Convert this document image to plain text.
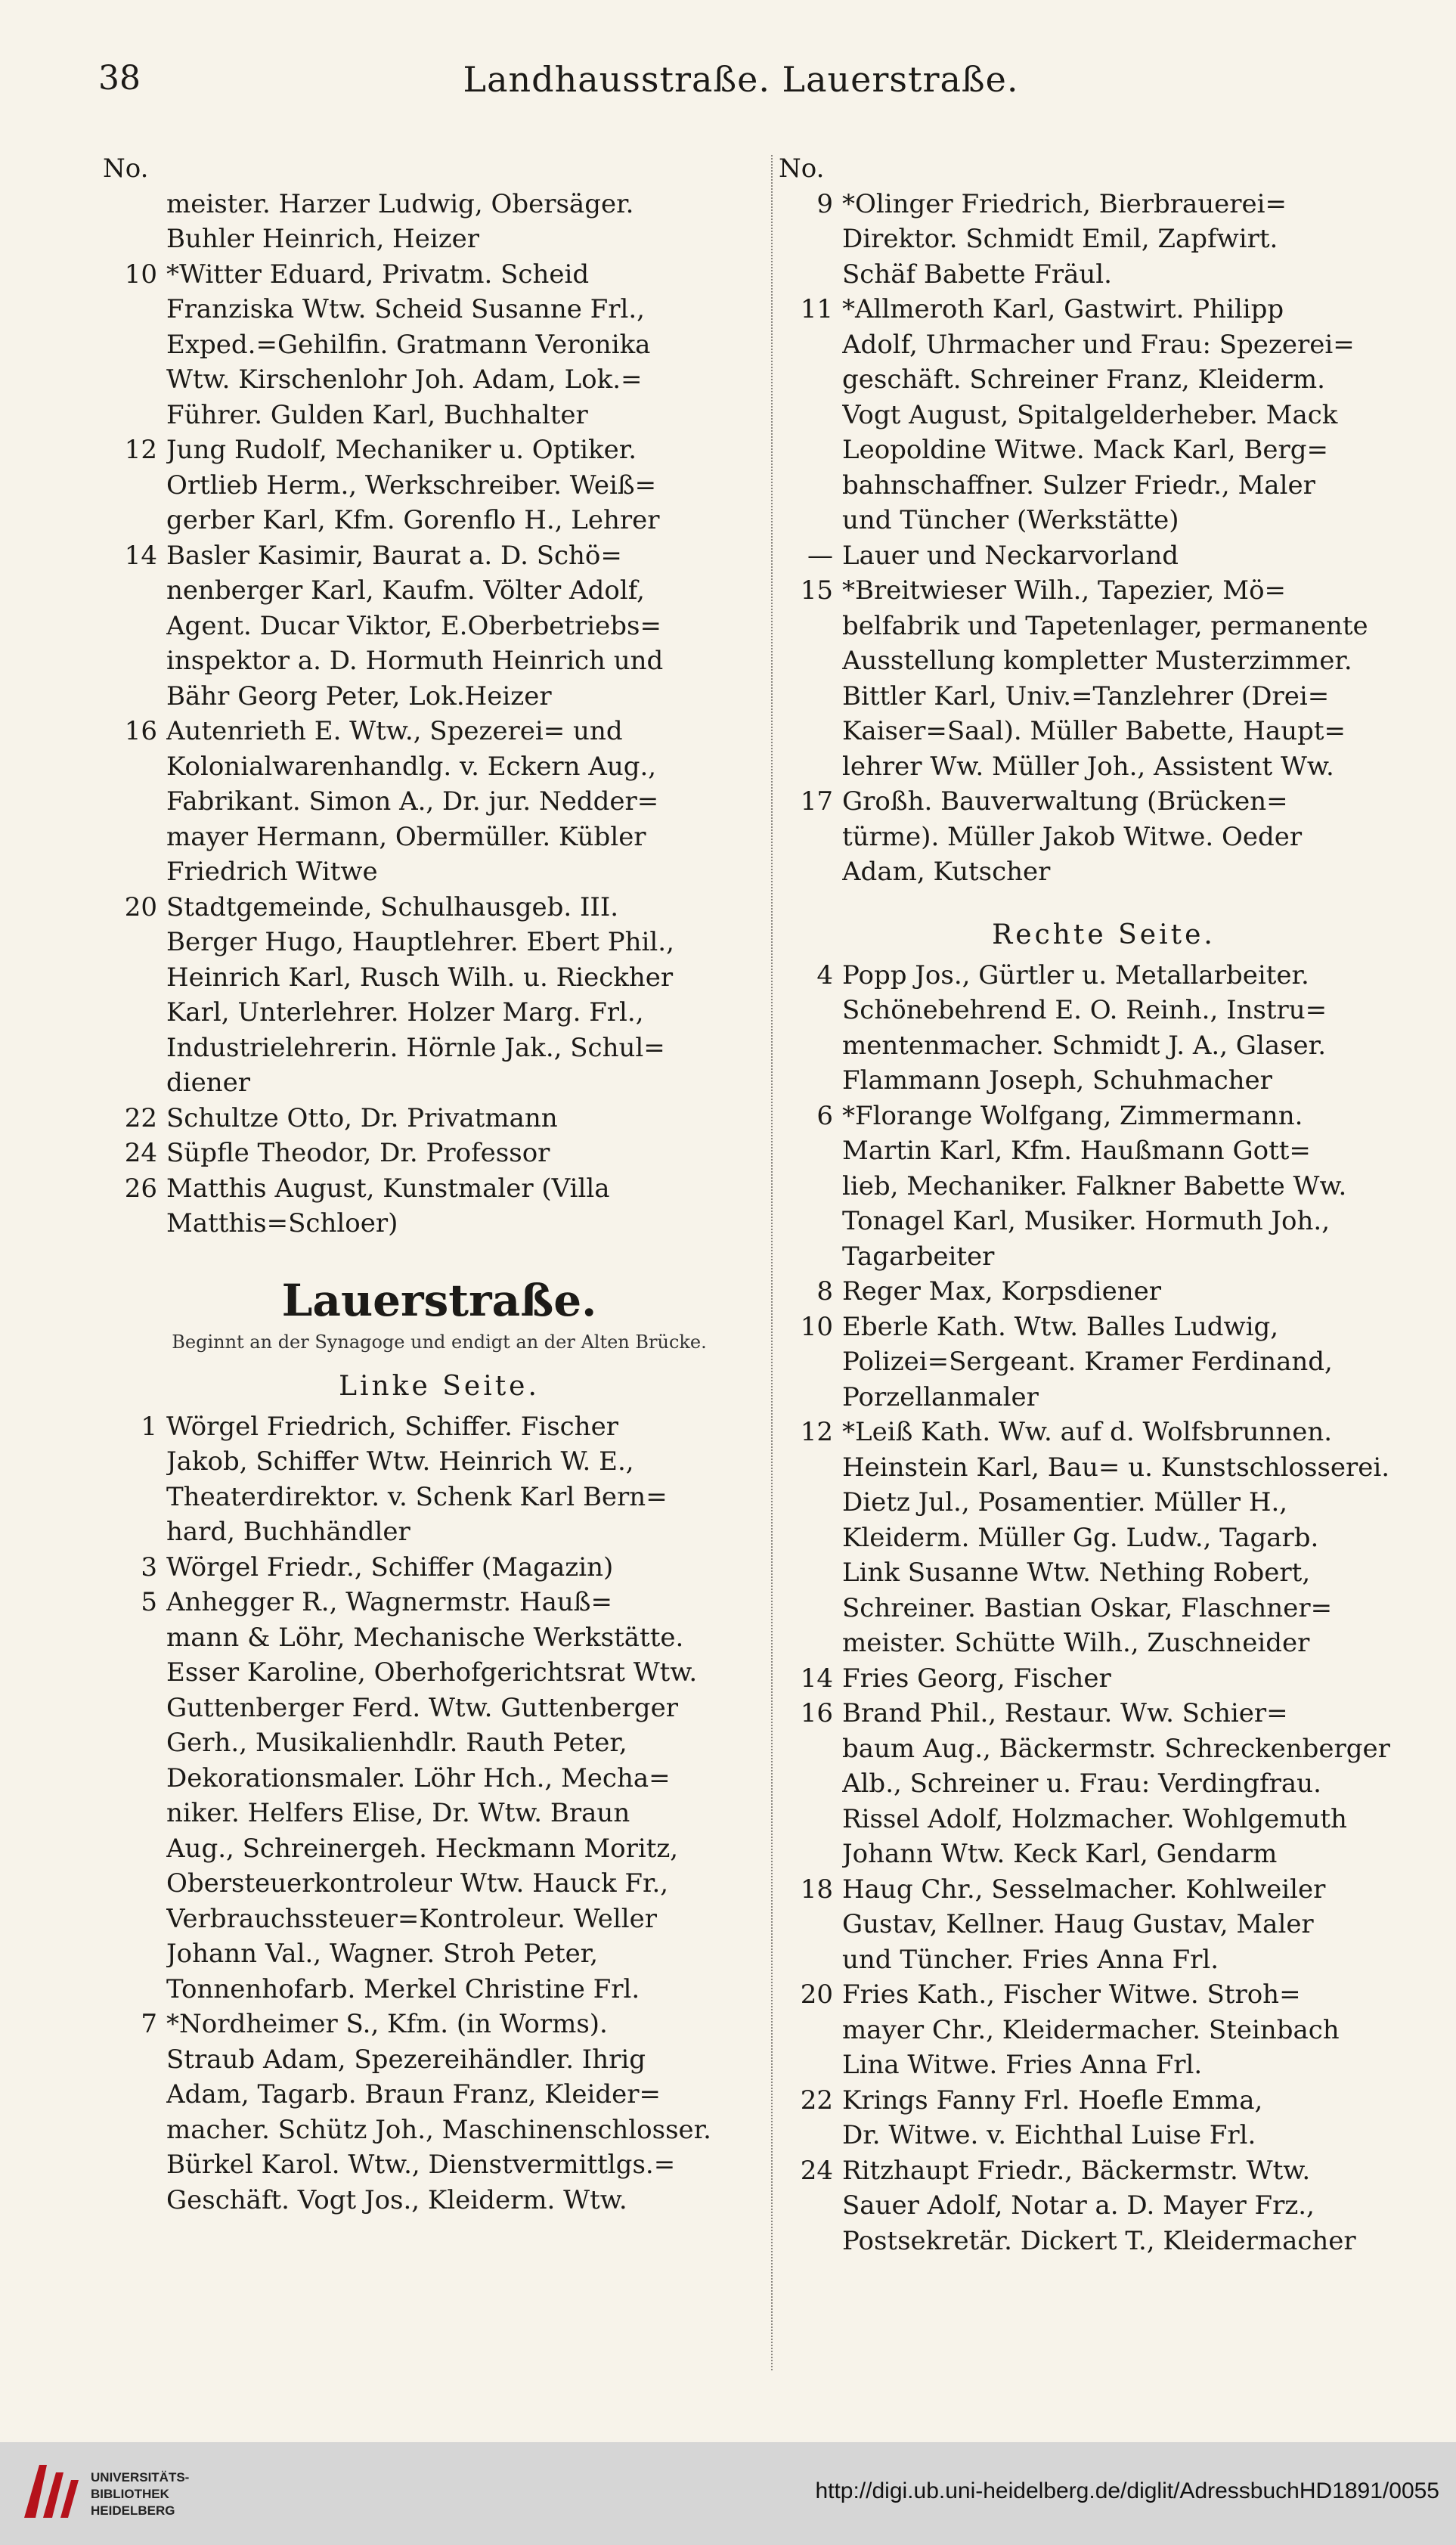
38	Landhausstraße. Lauerstraße.
No.
meister. Harzer Ludwig, Obersäger.
Buhler Heinrich, Heizer
10 *Witter Eduard, Privatm. Scheid
Franziska Wtw. Scheid Susanne Frl.,
Exped.=Gehilfin. Gratmann Veronika
Wtw. Kirschenlohr Joh. Adam, Lok.=
Führer. Gulden Karl, Buchhalter
12 Jung Rudolf, Mechaniker u. Optiker.
Ortlieb Herm., Werkschreiber. Weiß=
gerber Karl, Kfm. Gorenflo H., Lehrer
14 Basler Kasimir, Baurat a. D. Schö=
nenberger Karl, Kaufm. Völter Adolf,
Agent. Ducar Viktor, E.Oberbetriebs=
inspektor a. D. Hormuth Heinrich und
Bähr Georg Peter, Lok.Heizer
16 Autenrieth E. Wtw., Spezerei= und
Kolonialwarenhandlg. v. Eckern Aug.,
Fabrikant. Simon A., Dr. jur. Nedder=
mayer Hermann, Obermüller. Kübler
Friedrich Witwe
20 Stadtgemeinde, Schulhausgeb. III.
Berger Hugo, Hauptlehrer. Ebert Phil.,
Heinrich Karl, Rusch Wilh. u. Rieckher
Karl, Unterlehrer. Holzer Marg. Frl.,
Industrielehrerin. Hörnle Jak., Schul=
diener
22 Schultze Otto, Dr. Privatmann
24 Süpfle Theodor, Dr. Professor
26 Matthis August, Kunstmaler (Villa
Matthis=Schloer)
Lauerstraße.
Beginnt an der Synagoge und endigt an der Alten Brücke.
Linke Seite.
1 Wörgel Friedrich, Schiffer. Fischer
Jakob, Schiffer Wtw. Heinrich W. E.,
Theaterdirektor. v. Schenk Karl Bern=
hard, Buchhändler
3 Wörgel Friedr., Schiffer (Magazin)
5 Anhegger R., Wagnermstr. Hauß=
mann & Löhr, Mechanische Werkstätte.
Esser Karoline, Oberhofgerichtsrat Wtw.
Guttenberger Ferd. Wtw. Guttenberger
Gerh., Musikalienhdlr. Rauth Peter,
Dekorationsmaler. Löhr Hch., Mecha=
niker. Helfers Elise, Dr. Wtw. Braun
Aug., Schreinergeh. Heckmann Moritz,
Obersteuerkontroleur Wtw. Hauck Fr.,
Verbrauchssteuer=Kontroleur. Weller
Johann Val., Wagner. Stroh Peter,
Tonnenhofarb. Merkel Christine Frl.
7 *Nordheimer S., Kfm. (in Worms).
Straub Adam, Spezereihändler. Ihrig
Adam, Tagarb. Braun Franz, Kleider=
macher. Schütz Joh., Maschinenschlosser.
Bürkel Karol. Wtw., Dienstvermittlgs.=
Geschäft. Vogt Jos., Kleiderm. Wtw.
No.
9 *Olinger Friedrich, Bierbrauerei=
Direktor. Schmidt Emil, Zapfwirt.
Schäf Babette Fräul.
11 *Allmeroth Karl, Gastwirt. Philipp
Adolf, Uhrmacher und Frau: Spezerei=
geschäft. Schreiner Franz, Kleiderm.
Vogt August, Spitalgelderheber. Mack
Leopoldine Witwe. Mack Karl, Berg=
bahnschaffner. Sulzer Friedr., Maler
und Tüncher (Werkstätte)
— Lauer und Neckarvorland
15 *Breitwieser Wilh., Tapezier, Mö=
belfabrik und Tapetenlager, permanente
Ausstellung kompletter Musterzimmer.
Bittler Karl, Univ.=Tanzlehrer (Drei=
Kaiser=Saal). Müller Babette, Haupt=
lehrer Ww. Müller Joh., Assistent Ww.
17 Großh. Bauverwaltung (Brücken=
türme). Müller Jakob Witwe. Oeder
Adam, Kutscher
Rechte Seite.
4 Popp Jos., Gürtler u. Metallarbeiter.
Schönebehrend E. O. Reinh., Instru=
mentenmacher. Schmidt J. A., Glaser.
Flammann Joseph, Schuhmacher
6 *Florange Wolfgang, Zimmermann.
Martin Karl, Kfm. Haußmann Gott=
lieb, Mechaniker. Falkner Babette Ww.
Tonagel Karl, Musiker. Hormuth Joh.,
Tagarbeiter
8 Reger Max, Korpsdiener
10 Eberle Kath. Wtw. Balles Ludwig,
Polizei=Sergeant. Kramer Ferdinand,
Porzellanmaler
12 *Leiß Kath. Ww. auf d. Wolfsbrunnen.
Heinstein Karl, Bau= u. Kunstschlosserei.
Dietz Jul., Posamentier. Müller H.,
Kleiderm. Müller Gg. Ludw., Tagarb.
Link Susanne Wtw. Nething Robert,
Schreiner. Bastian Oskar, Flaschner=
meister. Schütte Wilh., Zuschneider
14 Fries Georg, Fischer
16 Brand Phil., Restaur. Ww. Schier=
baum Aug., Bäckermstr. Schreckenberger
Alb., Schreiner u. Frau: Verdingfrau.
Rissel Adolf, Holzmacher. Wohlgemuth
Johann Wtw. Keck Karl, Gendarm
18 Haug Chr., Sesselmacher. Kohlweiler
Gustav, Kellner. Haug Gustav, Maler
und Tüncher. Fries Anna Frl.
20 Fries Kath., Fischer Witwe. Stroh=
mayer Chr., Kleidermacher. Steinbach
Lina Witwe. Fries Anna Frl.
22 Krings Fanny Frl. Hoefle Emma,
Dr. Witwe. v. Eichthal Luise Frl.
24 Ritzhaupt Friedr., Bäckermstr. Wtw.
Sauer Adolf, Notar a. D. Mayer Frz.,
Postsekretär. Dickert T., Kleidermacher
UNIVERSITÄTS-
BIBLIOTHEK
HEIDELBERG
http://digi.ub.uni-heidelberg.de/diglit/AdressbuchHD1891/0055
